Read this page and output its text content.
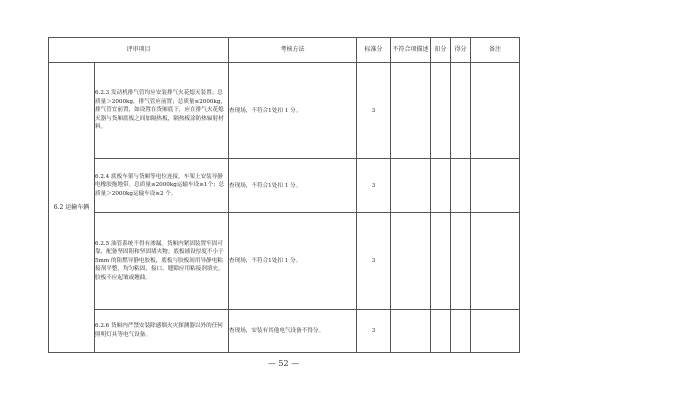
评审项目		考核方法	标准分	不符合项描述	扣分	得分	备注
6.2 运输车辆	6.2.3 发动机排气管均应安装排气火花熄灭装置；总质量＞2000kg，排气管应前置；总质量≤2000kg，排气管宜前置，如设置在货厢底下，应在排气火花熄灭器与货厢底板之间加隔热板，隔热板涂防热辐射材料。	查现场，不符合1处扣 1 分。	3				
	6.2.4 底板车架与货厢等电位连接，车架上安装导静电橡胶拖地带。总质量≤2000kg运输车设≥1个；总质量＞2000kg运输车设≥2 个。	查现场，不符合1处扣 1 分。	3				
	6.2.5 油管系统不得有渗漏。货厢内紧固装置牢固可靠，配备坚固阻和坚固堵夹物；底板铺设厚度不小于 5mm 的阻燃导静电胶板，底板与胶板间用导静电粘接剂平整、均匀粘固，接口、缝隙应用粘接剂填充，胶板不应起皱或翘曲。	查现场，不符合1处扣 1 分。	3				
	6.2.6 货厢内严禁安装除感烟火灾探测器以外的任何照明灯具等电气设备。	查现场，安装有其他电气设备不得分。	3				
— 52 —
